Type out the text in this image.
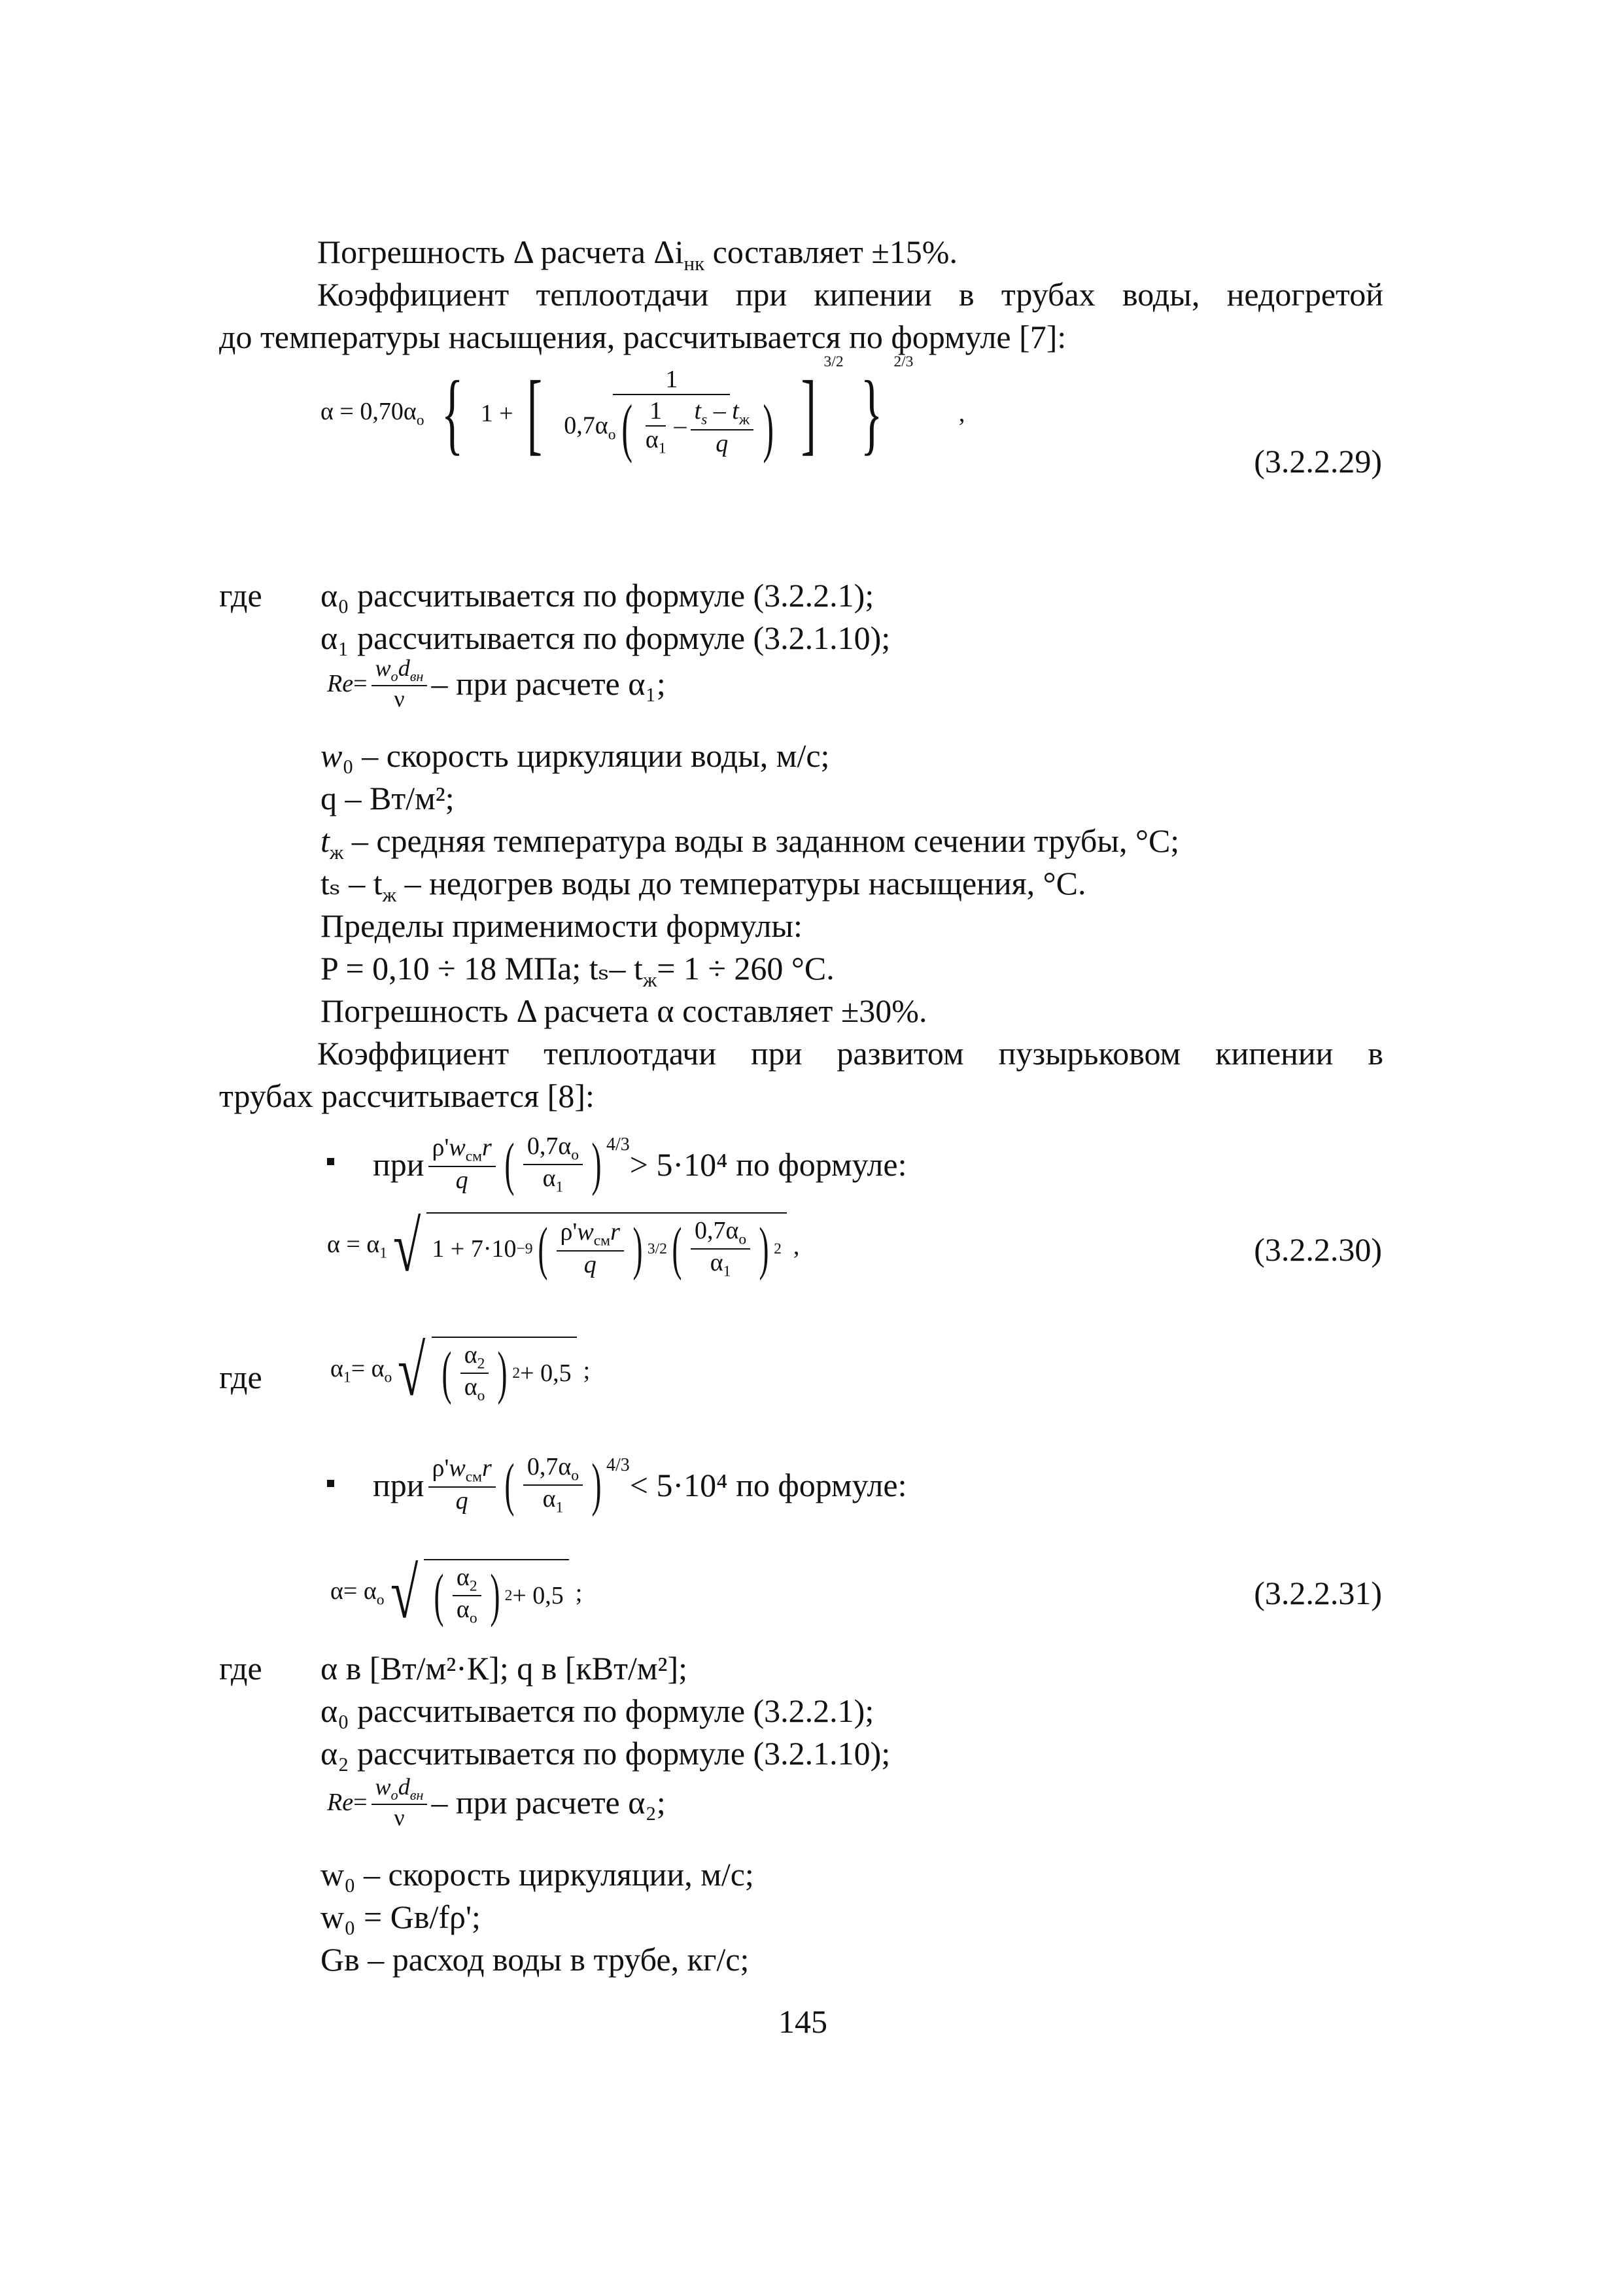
Погрешность Δ расчета $\Delta i_{нк}$ составляет ±15%.
Коэффициент теплоотдачи при кипении в трубах воды, недогретой
до температуры насыщения, рассчитывается по формуле [7]:
$\alpha = 0,70\alpha_о$ { 1 + [ $\frac{1}{0,7\alpha_о( \frac{1}{\alpha_1} - \frac{t_s - t_ж}{q} )} ]^{3/2}$ }$^{2/3}$ ,
(3.2.2.29)
где α₀ рассчитывается по формуле (3.2.2.1);
α₁ рассчитывается по формуле (3.2.1.10);
$Re = \frac{w_оd_{вн}}{\nu}$ – при расчете α₁;
w₀ – скорость циркуляции воды, м/с;
q – Вт/м²;
$t_ж$ – средняя температура воды в заданном сечении трубы, °С;
tₛ – $t_ж$ – недогрев воды до температуры насыщения, °С.
Пределы применимости формулы:
P = 0,10 ÷ 18 МПа; tₛ– $t_ж= 1 \div 260$ °С.
Погрешность Δ расчета α составляет ±30%.
Коэффициент теплоотдачи при развитом пузырьковом кипении в
трубах рассчитывается [8]:
при $\frac{\rho'w_{см}r}{q}$ ( $\frac{0,7\alpha_о}{\alpha_1}$ ) $^{4/3}$
> 5·10⁴ по формуле:
$\alpha = \alpha_1$ √ 1 + 7·10 −9 ( $\frac{\rho'w_{см}r}{q}$ ) 3/2 ( $\frac{0,7\alpha_о}{\alpha_1}$ ) 2 ,	(3.2.2.30)
где	$\alpha_1= \alpha_о$ √ ( $\frac{\alpha_2}{\alpha_о}$ ) 2 + 0,5 ;
при $\frac{\rho'w_{см}r}{q}$ ( $\frac{0,7\alpha_о}{\alpha_1}$ ) $^{4/3}$
< 5·10⁴ по формуле:
$\alpha= \alpha_о$ √ ( $\frac{\alpha_2}{\alpha_о}$ ) 2 + 0,5 ;	(3.2.2.31)
где α в [Вт/м²·К]; q в [кВт/м²];
α₀ рассчитывается по формуле (3.2.2.1);
α₂ рассчитывается по формуле (3.2.1.10);
$Re = \frac{w_оd_{вн}}{\nu}$ – при расчете α₂;
w₀ – скорость циркуляции, м/с;
w₀ = Gв/fρ';
Gв – расход воды в трубе, кг/с;
145
